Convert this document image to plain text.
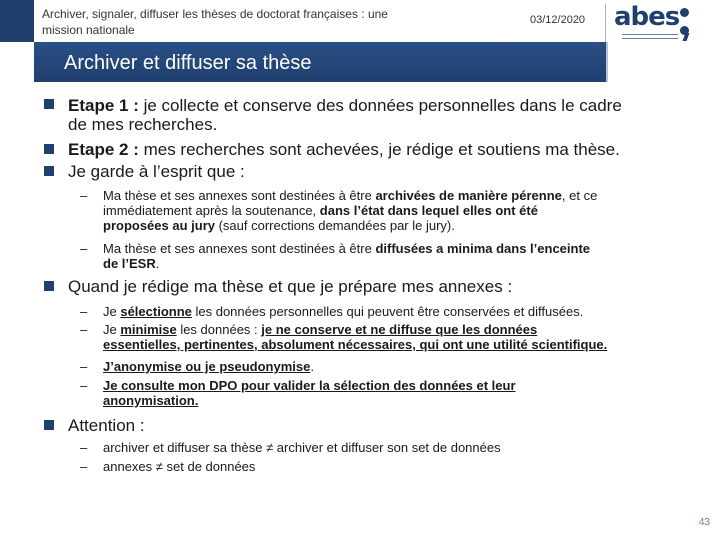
Archiver, signaler, diffuser les thèses de doctorat françaises : une mission nationale
03/12/2020 abes
Archiver et diffuser sa thèse
Etape 1 : je collecte et conserve des données personnelles dans le cadre
de mes recherches.
Etape 2 : mes recherches sont achevées, je rédige et soutiens ma thèse.
Je garde à l’esprit que :
– Ma thèse et ses annexes sont destinées à être archivées de manière pérenne, et ce
immédiatement après la soutenance, dans l’état dans lequel elles ont été
proposées au jury (sauf corrections demandées par le jury).
– Ma thèse et ses annexes sont destinées à être diffusées a minima dans l’enceinte
de l’ESR.
Quand je rédige ma thèse et que je prépare mes annexes :
– Je sélectionne les données personnelles qui peuvent être conservées et diffusées.
– Je minimise les données : je ne conserve et ne diffuse que les données
essentielles, pertinentes, absolument nécessaires, qui ont une utilité scientifique.
– J’anonymise ou je pseudonymise.
– Je consulte mon DPO pour valider la sélection des données et leur
anonymisation.
Attention :
– archiver et diffuser sa thèse ≠ archiver et diffuser son set de données
– annexes ≠ set de données
43
